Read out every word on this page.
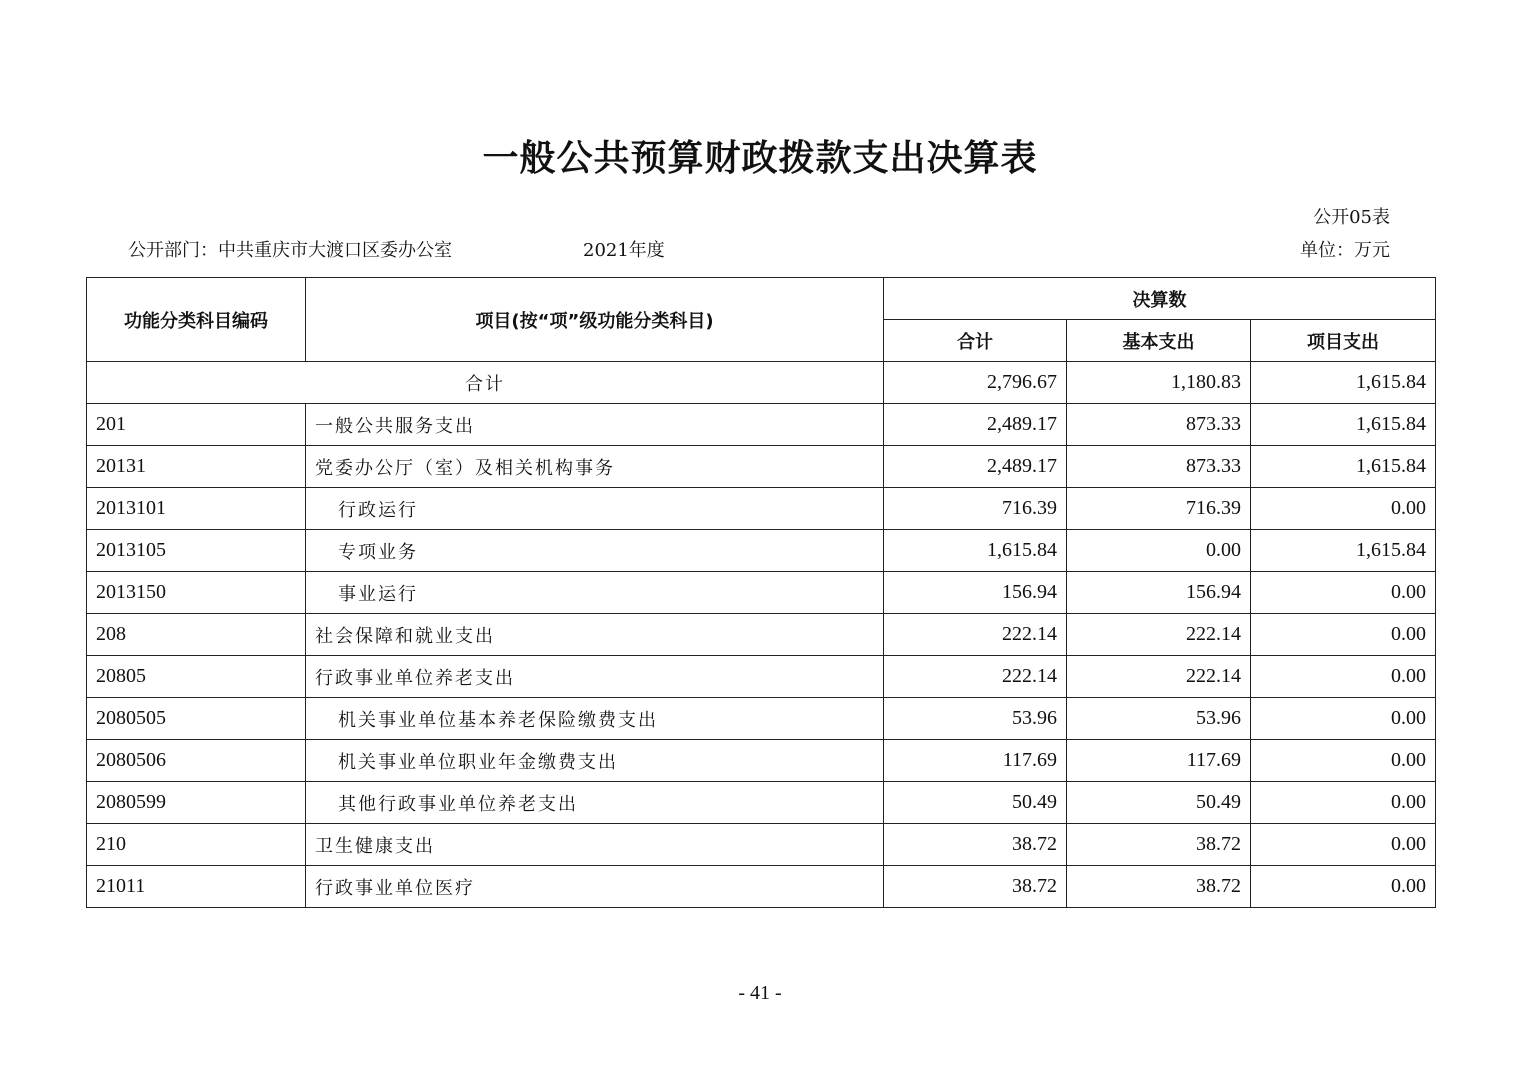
一般公共预算财政拨款支出决算表
公开05表
公开部门：中共重庆市大渡口区委办公室	2021年度	单位：万元
功能分类科目编码	项目(按“项”级功能分类科目)	决算数		
		合计	基本支出	项目支出
合计		2,796.67	1,180.83	1,615.84
201	一般公共服务支出	2,489.17	873.33	1,615.84
20131	党委办公厅（室）及相关机构事务	2,489.17	873.33	1,615.84
2013101	行政运行	716.39	716.39	0.00
2013105	专项业务	1,615.84	0.00	1,615.84
2013150	事业运行	156.94	156.94	0.00
208	社会保障和就业支出	222.14	222.14	0.00
20805	行政事业单位养老支出	222.14	222.14	0.00
2080505	机关事业单位基本养老保险缴费支出	53.96	53.96	0.00
2080506	机关事业单位职业年金缴费支出	117.69	117.69	0.00
2080599	其他行政事业单位养老支出	50.49	50.49	0.00
210	卫生健康支出	38.72	38.72	0.00
21011	行政事业单位医疗	38.72	38.72	0.00
- 41 -
